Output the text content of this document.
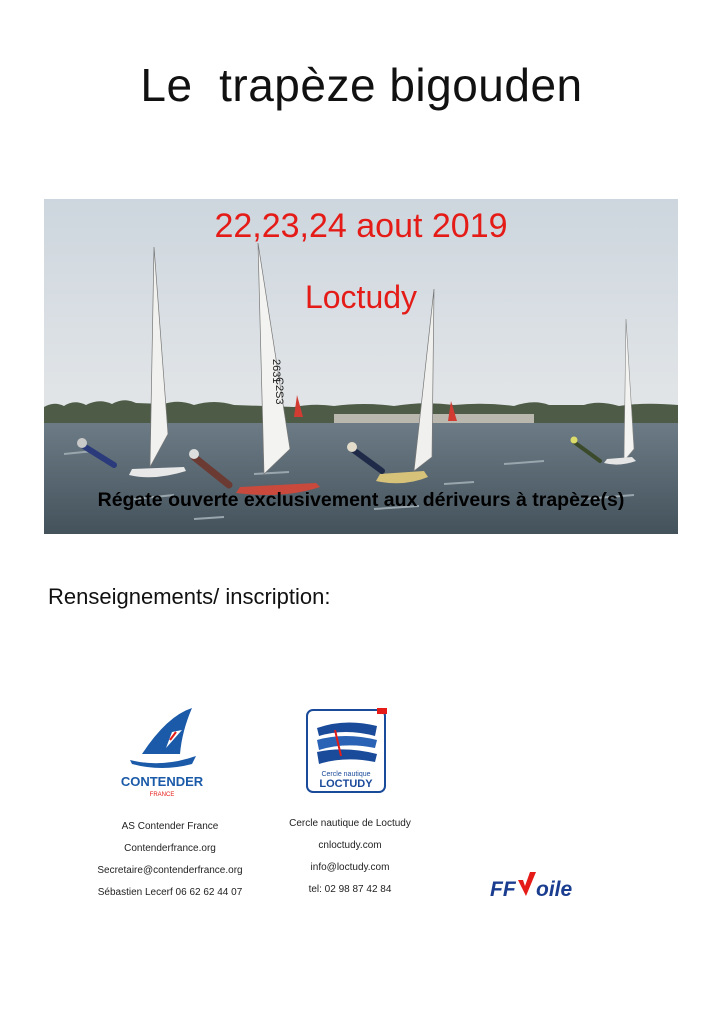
Le  trapèze bigouden
2631
C2S3
22,23,24 aout 2019
Loctudy
Régate ouverte exclusivement aux dériveurs à trapèze(s)
Renseignements/ inscription:
CONTENDER
FRANCE
Cercle nautique
LOCTUDY
AS Contender France
Contenderfrance.org
Secretaire@contenderfrance.org
Sébastien Lecerf 06 62 62 44 07
Cercle nautique de Loctudy
cnloctudy.com
info@loctudy.com
tel: 02 98 87 42 84	FF oile
